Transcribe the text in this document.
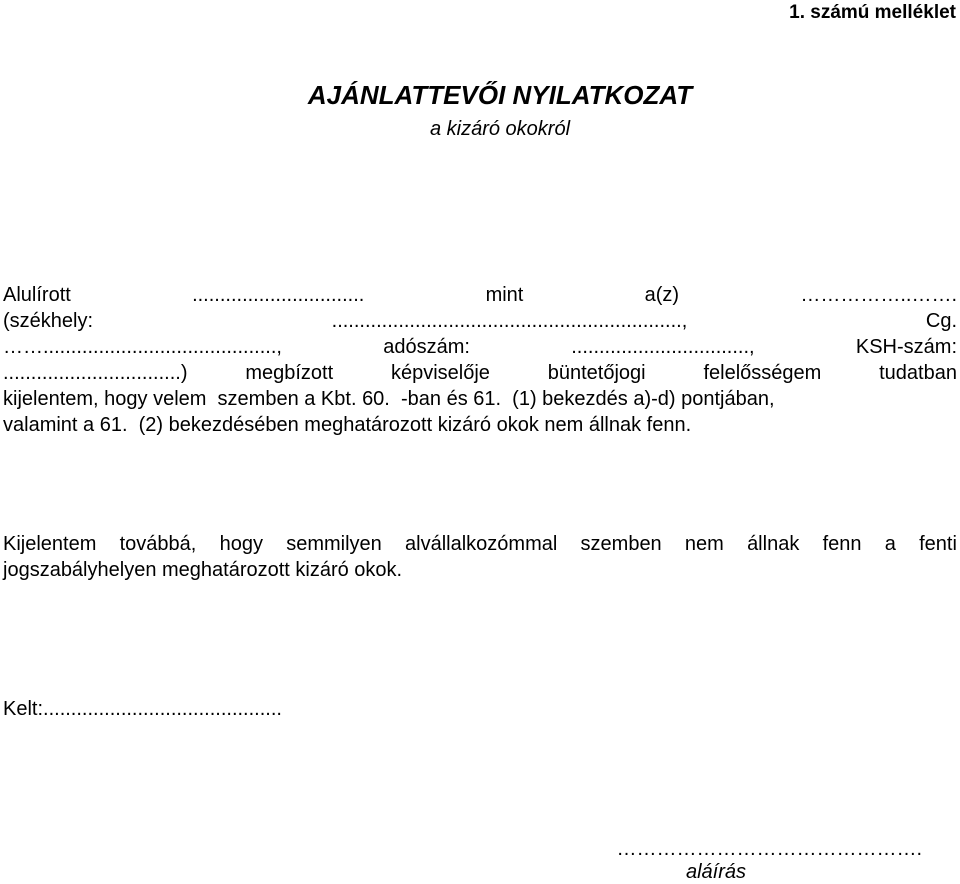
1. számú melléklet
AJÁNLATTEVŐI NYILATKOZAT
a kizáró okokról
Alulírott	...............................	mint	a(z)	……………..…….
(székhely:	...............................................................,	Cg.
……..........................................,	adószám:	................................,	KSH-szám:
................................)	megbízott	képviselője	büntetőjogi	felelősségem	tudatban
kijelentem, hogy velem  szemben a Kbt. 60.  -ban és 61.  (1) bekezdés a)-d) pontjában,
valamint a 61.  (2) bekezdésében meghatározott kizáró okok nem állnak fenn.
Kijelentem továbbá, hogy semmilyen alvállalkozómmal szemben nem állnak fenn a fenti
jogszabályhelyen meghatározott kizáró okok.
Kelt:...........................................
……………………………………….
aláírás
